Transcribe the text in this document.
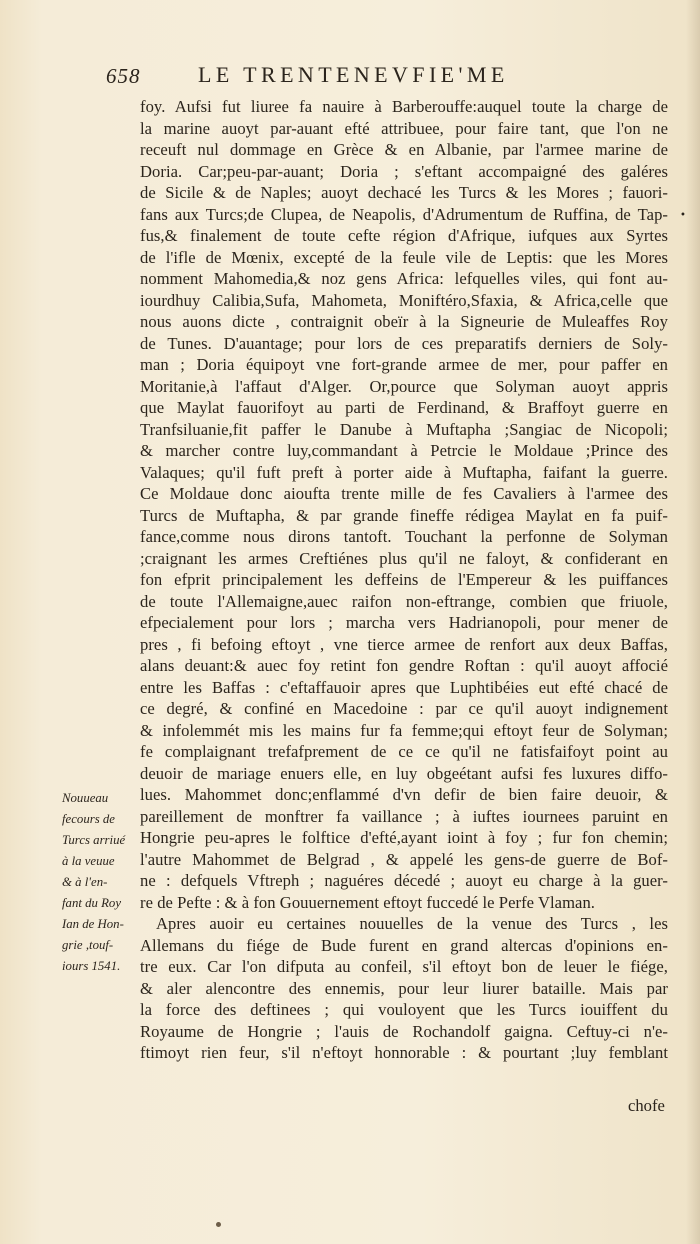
658	LE TRENTENEVFIE'ME
foy. Aufsi fut liuree fa nauire à Barberouffe:auquel toute la charge de
la marine auoyt par-auant efté attribuee, pour faire tant, que l'on ne
receuft nul dommage en Grèce & en Albanie, par l'armee marine de
Doria. Car;peu-par-auant; Doria ; s'eftant accompaigné des galéres
de Sicile & de Naples; auoyt dechacé les Turcs & les Mores ; fauori-
fans aux Turcs;de Clupea, de Neapolis, d'Adrumentum de Ruffina, de Tap-
fus,& finalement de toute cefte région d'Afrique, iufques aux Syrtes
de l'ifle de Mœnix, excepté de la feule vile de Leptis: que les Mores
nomment Mahomedia,& noz gens Africa: lefquelles viles, qui font au-
iourdhuy Calibia,Sufa, Mahometa, Moniftéro,Sfaxia, & Africa,celle que
nous auons dicte , contraignit obeïr à la Signeurie de Muleaffes Roy
de Tunes. D'auantage; pour lors de ces preparatifs derniers de Soly-
man ; Doria équipoyt vne fort-grande armee de mer, pour paffer en
Moritanie,à l'affaut d'Alger. Or,pource que Solyman auoyt appris
que Maylat fauorifoyt au parti de Ferdinand, & Braffoyt guerre en
Tranfsiluanie,fit paffer le Danube à Muftapha ;Sangiac de Nicopoli;
& marcher contre luy,commandant à Petrcie le Moldaue ;Prince des
Valaques; qu'il fuft preft à porter aide à Muftapha, faifant la guerre.
Ce Moldaue donc aioufta trente mille de fes Cavaliers à l'armee des
Turcs de Muftapha, & par grande fineffe rédigea Maylat en fa puif-
fance,comme nous dirons tantoft. Touchant la perfonne de Solyman
;craignant les armes Creftiénes plus qu'il ne faloyt, & confiderant en
fon efprit principalement les deffeins de l'Empereur & les puiffances
de toute l'Allemaigne,auec raifon non-eftrange, combien que friuole,
efpecialement pour lors ; marcha vers Hadrianopoli, pour mener de
pres , fi befoing eftoyt , vne tierce armee de renfort aux deux Baffas,
alans deuant:& auec foy retint fon gendre Roftan : qu'il auoyt affocié
entre les Baffas : c'eftaffauoir apres que Luphtibéies eut efté chacé de
ce degré, & confiné en Macedoine : par ce qu'il auoyt indignement
& infolemmét mis les mains fur fa femme;qui eftoyt feur de Solyman;
fe complaignant trefafprement de ce ce qu'il ne fatisfaifoyt point au
deuoir de mariage enuers elle, en luy obgeétant aufsi fes luxures diffo-
lues. Mahommet donc;enflammé d'vn defir de bien faire deuoir, &
pareillement de monftrer fa vaillance ; à iuftes iournees paruint en
Hongrie peu-apres le folftice d'efté,ayant ioint à foy ; fur fon chemin;
l'autre Mahommet de Belgrad , & appelé les gens-de guerre de Bof-
ne : defquels Vftreph ; naguéres décedé ; auoyt eu charge à la guer-
re de Pefte : & à fon Gouuernement eftoyt fuccedé le Perfe Vlaman.
Apres auoir eu certaines nouuelles de la venue des Turcs , les
Allemans du fiége de Bude furent en grand altercas d'opinions en-
tre eux. Car l'on difputa au confeil, s'il eftoyt bon de leuer le fiége,
& aler alencontre des ennemis, pour leur liurer bataille. Mais par
la force des deftinees ; qui vouloyent que les Turcs iouiffent du
Royaume de Hongrie ; l'auis de Rochandolf gaigna. Ceftuy-ci n'e-
ftimoyt rien feur, s'il n'eftoyt honnorable : & pourtant ;luy femblant
Nouueau
fecours de
Turcs arriué
à la veuue
& à l'en-
fant du Roy
Ian de Hon-
grie ,touf-
iours 1541.
•
chofe
